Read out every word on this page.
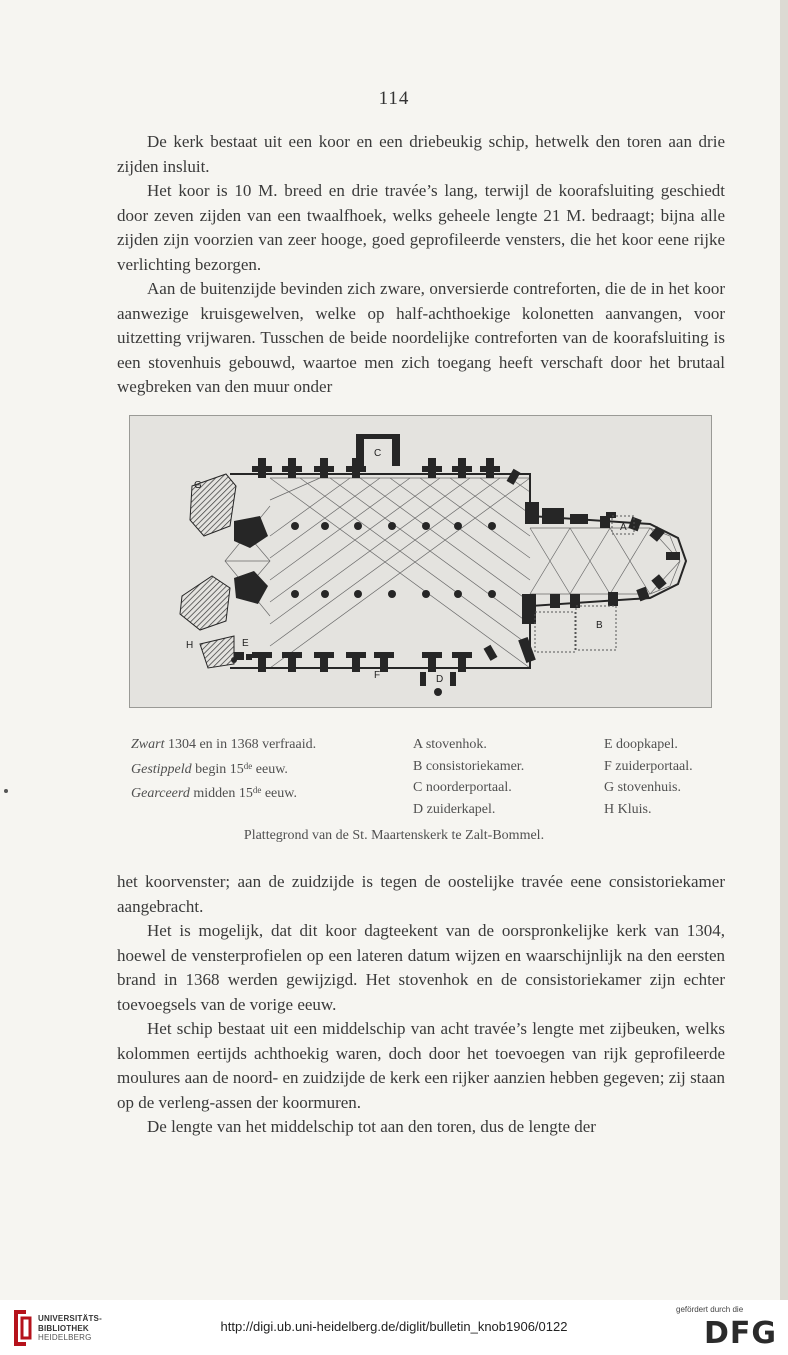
114

De kerk bestaat uit een koor en een driebeukig schip, hetwelk den toren aan drie zijden insluit.

Het koor is 10 M. breed en drie travée’s lang, terwijl de koorafsluiting geschiedt door zeven zijden van een twaalfhoek, welks geheele lengte 21 M. bedraagt; bijna alle zijden zijn voorzien van zeer hooge, goed geprofileerde vensters, die het koor eene rijke verlichting bezorgen.

Aan de buitenzijde bevinden zich zware, onversierde contreforten, die de in het koor aanwezige kruisgewelven, welke op half-achthoekige kolonetten aanvangen, voor uitzetting vrijwaren. Tusschen de beide noordelijke contreforten van de koorafsluiting is een stovenhuis gebouwd, waartoe men zich toegang heeft verschaft door het brutaal wegbreken van den muur onder

C
A
B
D
E
F
G
H
Zwart 1304 en in 1368 verfraaid.
Gestippeld begin 15de eeuw.
Gearceerd midden 15de eeuw.
A stovenhok.
B consistoriekamer.
C noorderportaal.
D zuiderkapel.
E doopkapel.
F zuiderportaal.
G stovenhuis.
H Kluis.
Plattegrond van de St. Maartenskerk te Zalt-Bommel.

het koorvenster; aan de zuidzijde is tegen de oostelijke travée eene consistoriekamer aangebracht.

Het is mogelijk, dat dit koor dagteekent van de oorspronkelijke kerk van 1304, hoewel de vensterprofielen op een lateren datum wijzen en waarschijnlijk na den eersten brand in 1368 werden gewijzigd. Het stovenhok en de consistoriekamer zijn echter toevoegsels van de vorige eeuw.

Het schip bestaat uit een middelschip van acht travée’s lengte met zijbeuken, welks kolommen eertijds achthoekig waren, doch door het toevoegen van rijk geprofileerde moulures aan de noord- en zuidzijde de kerk een rijker aanzien hebben gegeven; zij staan op de verleng-assen der koormuren.

De lengte van het middelschip tot aan den toren, dus de lengte der

UNIVERSITÄTS-
BIBLIOTHEK
HEIDELBERG
http://digi.ub.uni-heidelberg.de/diglit/bulletin_knob1906/0122
gefördert durch die
DFG
